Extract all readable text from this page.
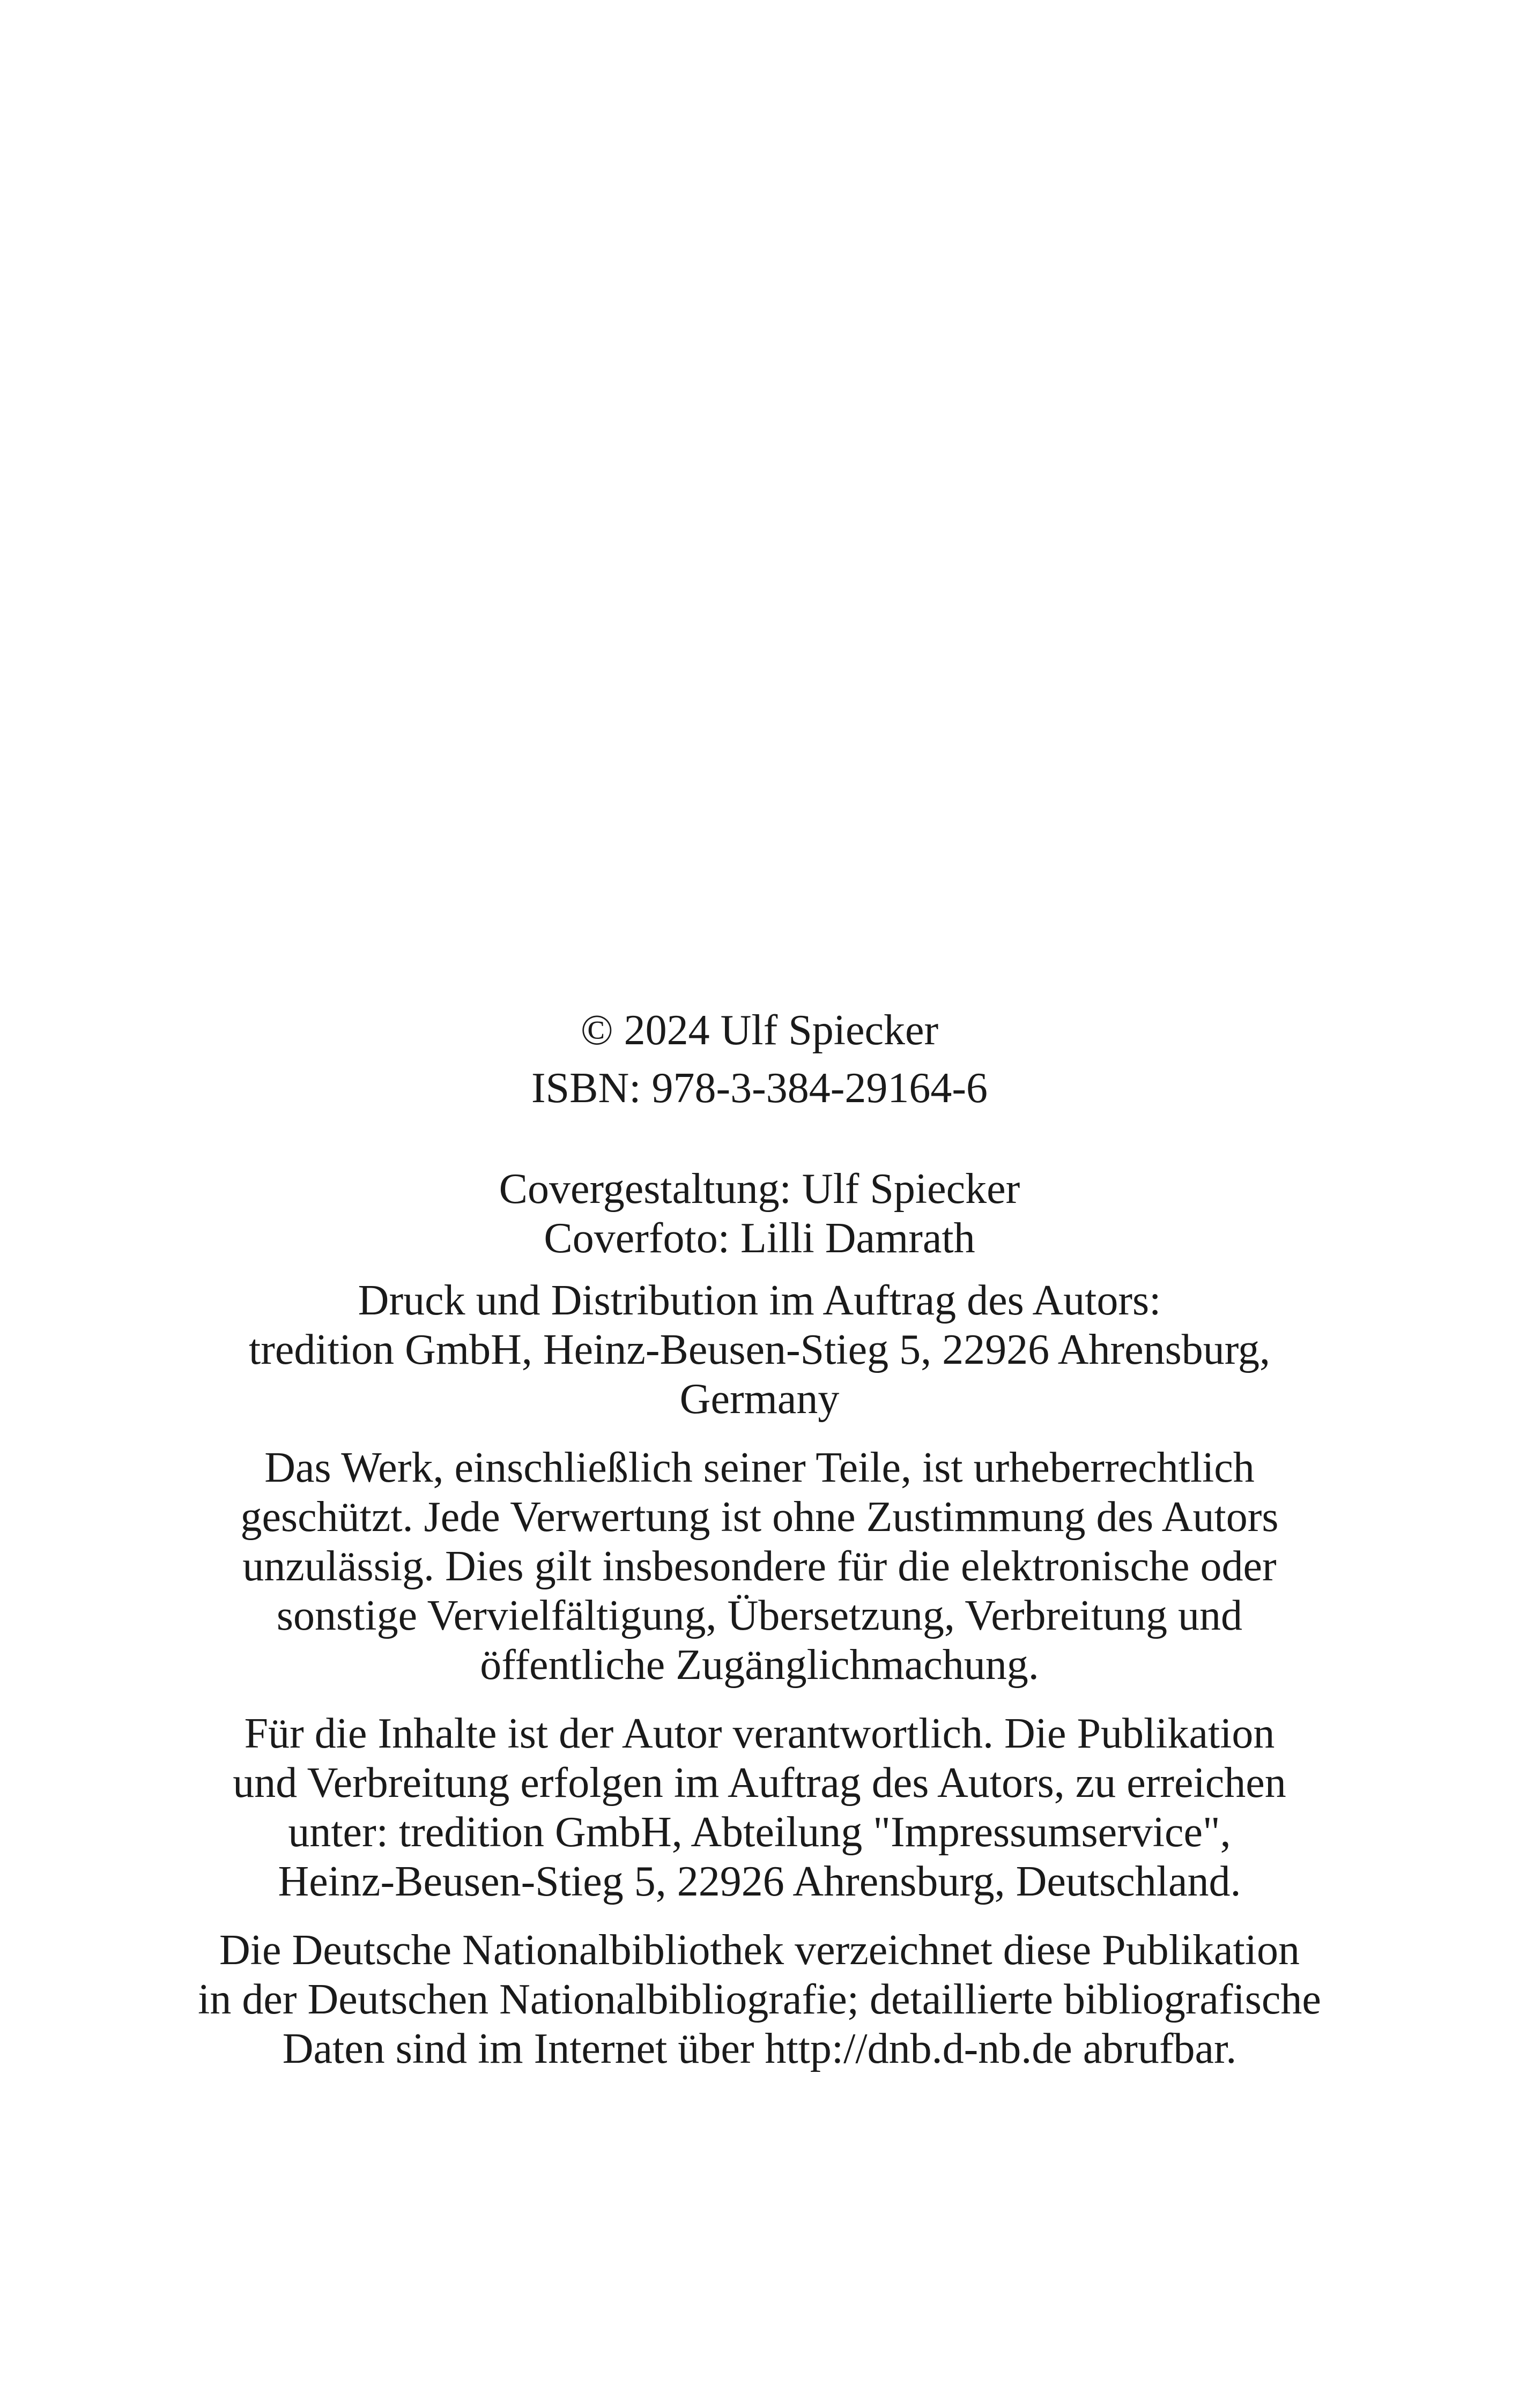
© 2024 Ulf Spiecker
ISBN: 978-3-384-29164-6
Covergestaltung: Ulf Spiecker
Coverfoto: Lilli Damrath
Druck und Distribution im Auftrag des Autors:
tredition GmbH, Heinz-Beusen-Stieg 5, 22926 Ahrensburg,
Germany
Das Werk, einschließlich seiner Teile, ist urheberrechtlich
geschützt. Jede Verwertung ist ohne Zustimmung des Autors
unzulässig. Dies gilt insbesondere für die elektronische oder
sonstige Vervielfältigung, Übersetzung, Verbreitung und
öffentliche Zugänglichmachung.
Für die Inhalte ist der Autor verantwortlich. Die Publikation
und Verbreitung erfolgen im Auftrag des Autors, zu erreichen
unter: tredition GmbH, Abteilung "Impressumservice",
Heinz-Beusen-Stieg 5, 22926 Ahrensburg, Deutschland.
Die Deutsche Nationalbibliothek verzeichnet diese Publikation
in der Deutschen Nationalbibliografie; detaillierte bibliografische
Daten sind im Internet über http://dnb.d-nb.de abrufbar.
